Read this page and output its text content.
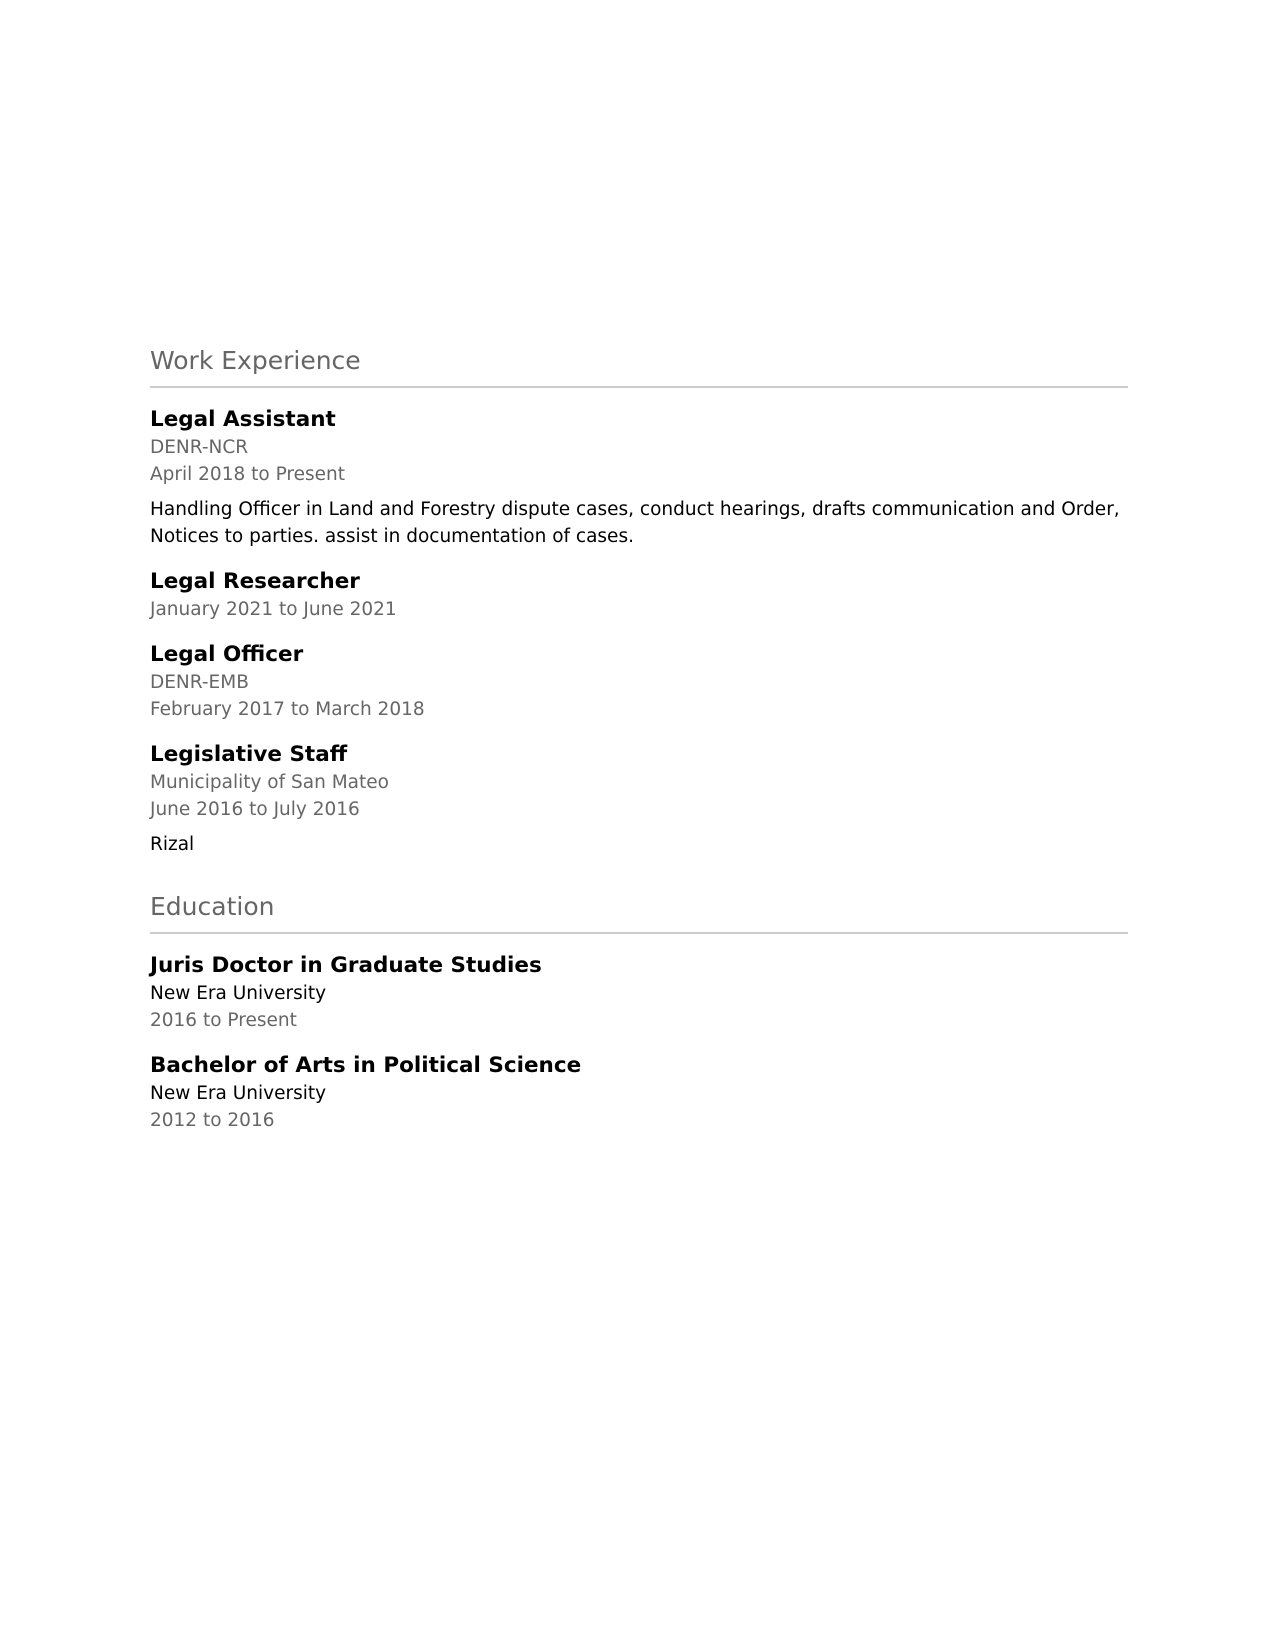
Work Experience
Legal Assistant
DENR-NCR
April 2018 to Present
Handling Officer in Land and Forestry dispute cases, conduct hearings, drafts communication and Order, Notices to parties. assist in documentation of cases.
Legal Researcher
January 2021 to June 2021
Legal Officer
DENR-EMB
February 2017 to March 2018
Legislative Staff
Municipality of San Mateo
June 2016 to July 2016
Rizal
Education
Juris Doctor in Graduate Studies
New Era University
2016 to Present
Bachelor of Arts in Political Science
New Era University
2012 to 2016
